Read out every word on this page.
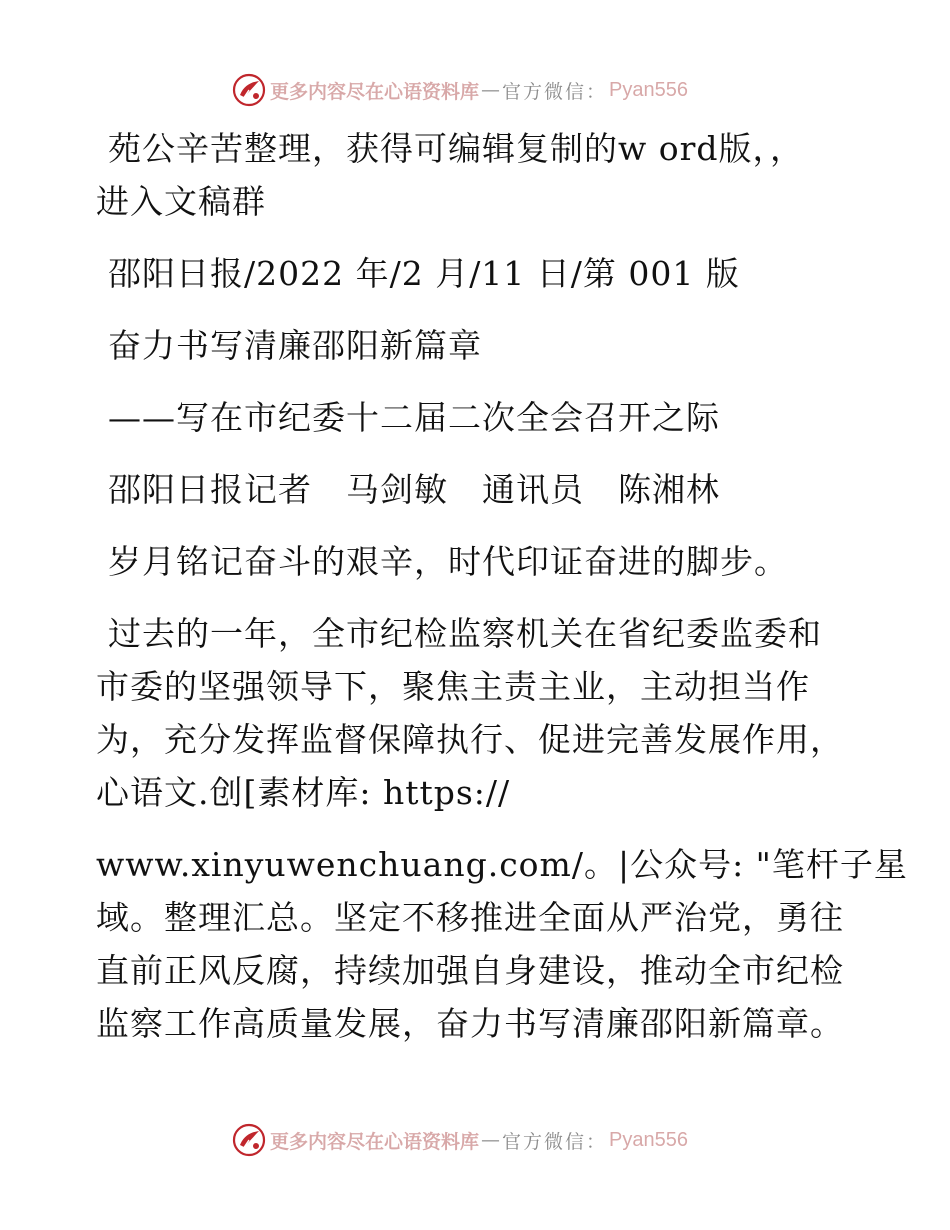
更多内容尽在心语资料库 — 官方微信： Pyan556
苑公辛苦整理，获得可编辑复制的w ord版，，
进入文稿群
邵阳日报/2022 年/2 月/11 日/第 001 版
奋力书写清廉邵阳新篇章
——写在市纪委十二届二次全会召开之际
邵阳日报记者　马剑敏　通讯员　陈湘林
岁月铭记奋斗的艰辛，时代印证奋进的脚步。
过去的一年，全市纪检监察机关在省纪委监委和
市委的坚强领导下，聚焦主责主业，主动担当作
为，充分发挥监督保障执行、促进完善发展作用，
心语文.创[素材库: https://
www.xinyuwenchuang.com/。|公众号: "笔杆子星
域。整理汇总。坚定不移推进全面从严治党，勇往
直前正风反腐，持续加强自身建设，推动全市纪检
监察工作高质量发展，奋力书写清廉邵阳新篇章。
更多内容尽在心语资料库 — 官方微信： Pyan556
